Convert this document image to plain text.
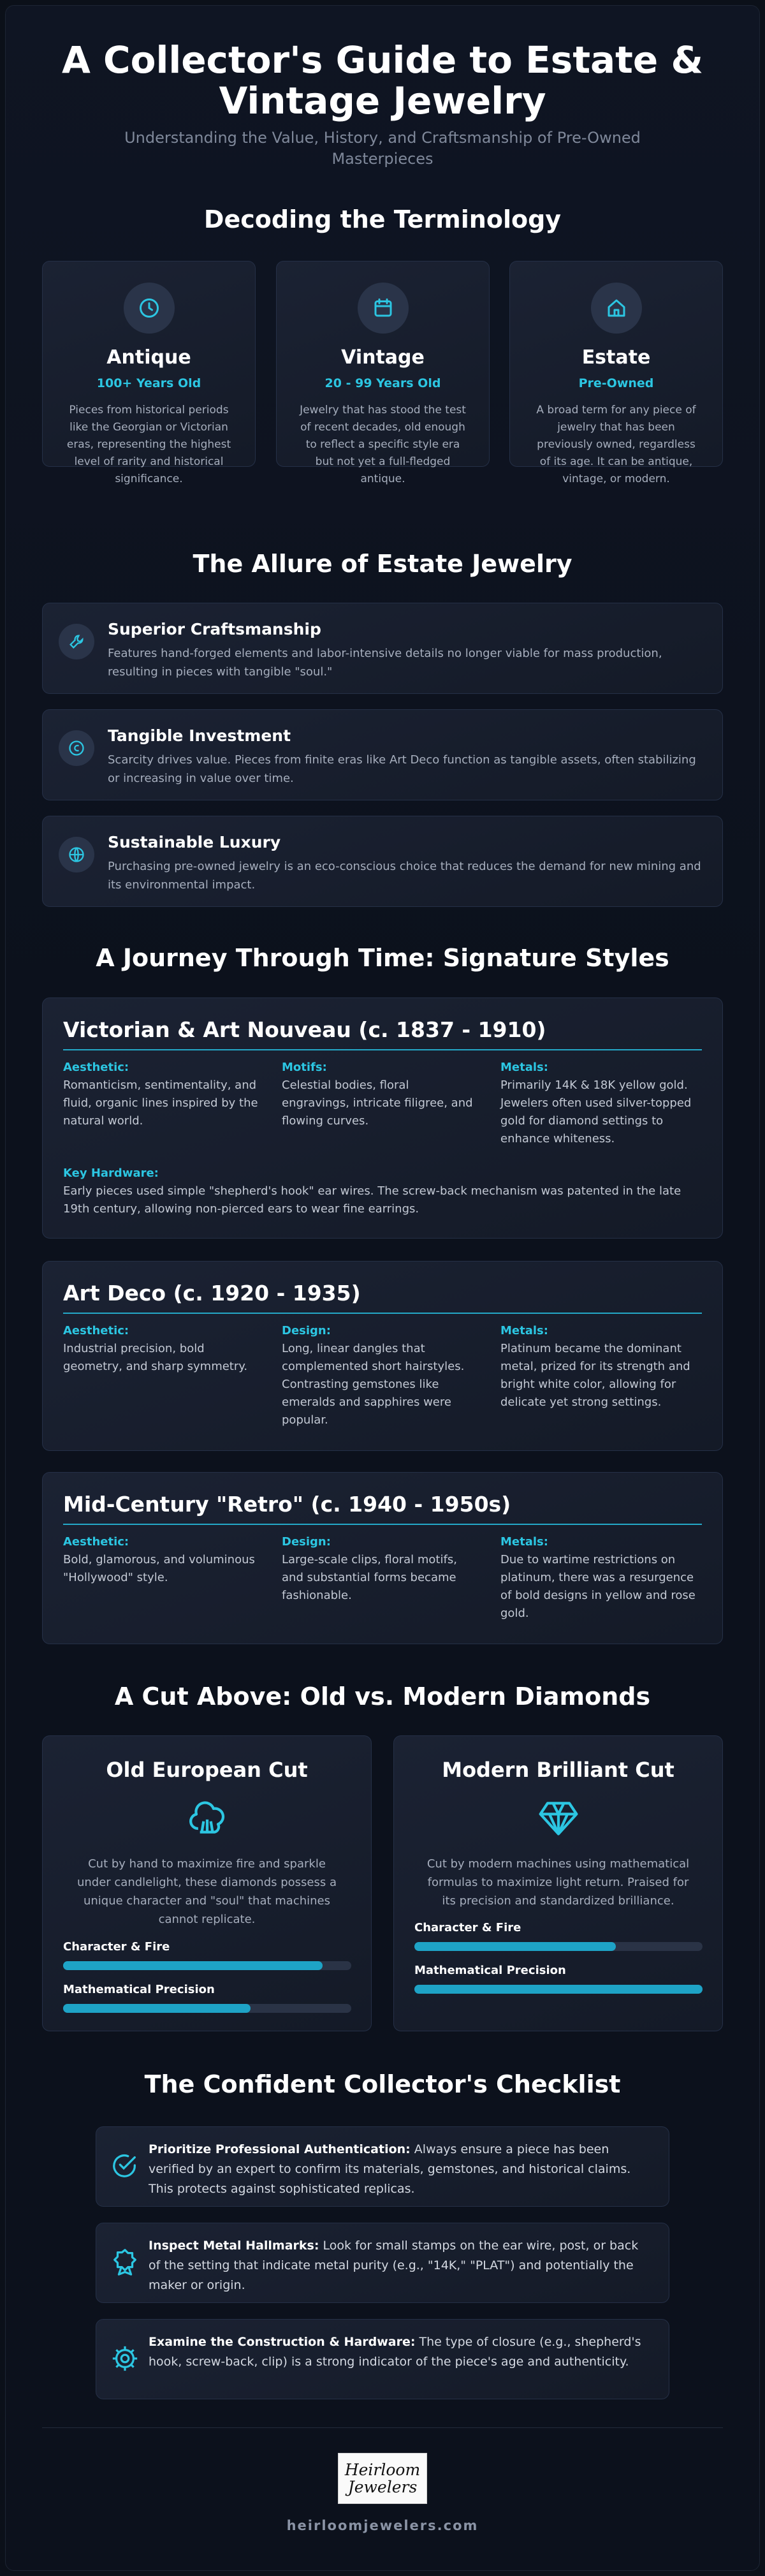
A Collector's Guide to Estate & Vintage Jewelry

Understanding the Value, History, and Craftsmanship of Pre-Owned Masterpieces

Decoding the Terminology
Antique
100+ Years Old
Pieces from historical periods like the Georgian or Victorian eras, representing the highest level of rarity and historical significance.
Vintage
20 - 99 Years Old
Jewelry that has stood the test of recent decades, old enough to reflect a specific style era but not yet a full-fledged antique.
Estate
Pre-Owned
A broad term for any piece of jewelry that has been previously owned, regardless of its age. It can be antique, vintage, or modern.
The Allure of Estate Jewelry
Superior Craftsmanship
Features hand-forged elements and labor-intensive details no longer viable for mass production, resulting in pieces with tangible "soul."
Tangible Investment
Scarcity drives value. Pieces from finite eras like Art Deco function as tangible assets, often stabilizing or increasing in value over time.
Sustainable Luxury
Purchasing pre-owned jewelry is an eco-conscious choice that reduces the demand for new mining and its environmental impact.
A Journey Through Time: Signature Styles
Victorian & Art Nouveau (c. 1837 - 1910)
Aesthetic:
Romanticism, sentimentality, and fluid, organic lines inspired by the natural world.
Motifs:
Celestial bodies, floral engravings, intricate filigree, and flowing curves.
Metals:
Primarily 14K & 18K yellow gold. Jewelers often used silver-topped gold for diamond settings to enhance whiteness.
Key Hardware:
Early pieces used simple "shepherd's hook" ear wires. The screw-back mechanism was patented in the late 19th century, allowing non-pierced ears to wear fine earrings.
Art Deco (c. 1920 - 1935)
Aesthetic:
Industrial precision, bold geometry, and sharp symmetry.
Design:
Long, linear dangles that complemented short hairstyles. Contrasting gemstones like emeralds and sapphires were popular.
Metals:
Platinum became the dominant metal, prized for its strength and bright white color, allowing for delicate yet strong settings.
Mid-Century "Retro" (c. 1940 - 1950s)
Aesthetic:
Bold, glamorous, and voluminous "Hollywood" style.
Design:
Large-scale clips, floral motifs, and substantial forms became fashionable.
Metals:
Due to wartime restrictions on platinum, there was a resurgence of bold designs in yellow and rose gold.
A Cut Above: Old vs. Modern Diamonds
Old European Cut
Cut by hand to maximize fire and sparkle under candlelight, these diamonds possess a unique character and "soul" that machines cannot replicate.
Character & Fire
Mathematical Precision
Modern Brilliant Cut
Cut by modern machines using mathematical formulas to maximize light return. Praised for its precision and standardized brilliance.
Character & Fire
Mathematical Precision
The Confident Collector's Checklist
Prioritize Professional Authentication: Always ensure a piece has been verified by an expert to confirm its materials, gemstones, and historical claims. This protects against sophisticated replicas.
Inspect Metal Hallmarks: Look for small stamps on the ear wire, post, or back of the setting that indicate metal purity (e.g., "14K," "PLAT") and potentially the maker or origin.
Examine the Construction & Hardware: The type of closure (e.g., shepherd's hook, screw-back, clip) is a strong indicator of the piece's age and authenticity.
Heirloom
Jewelers
heirloomjewelers.com
